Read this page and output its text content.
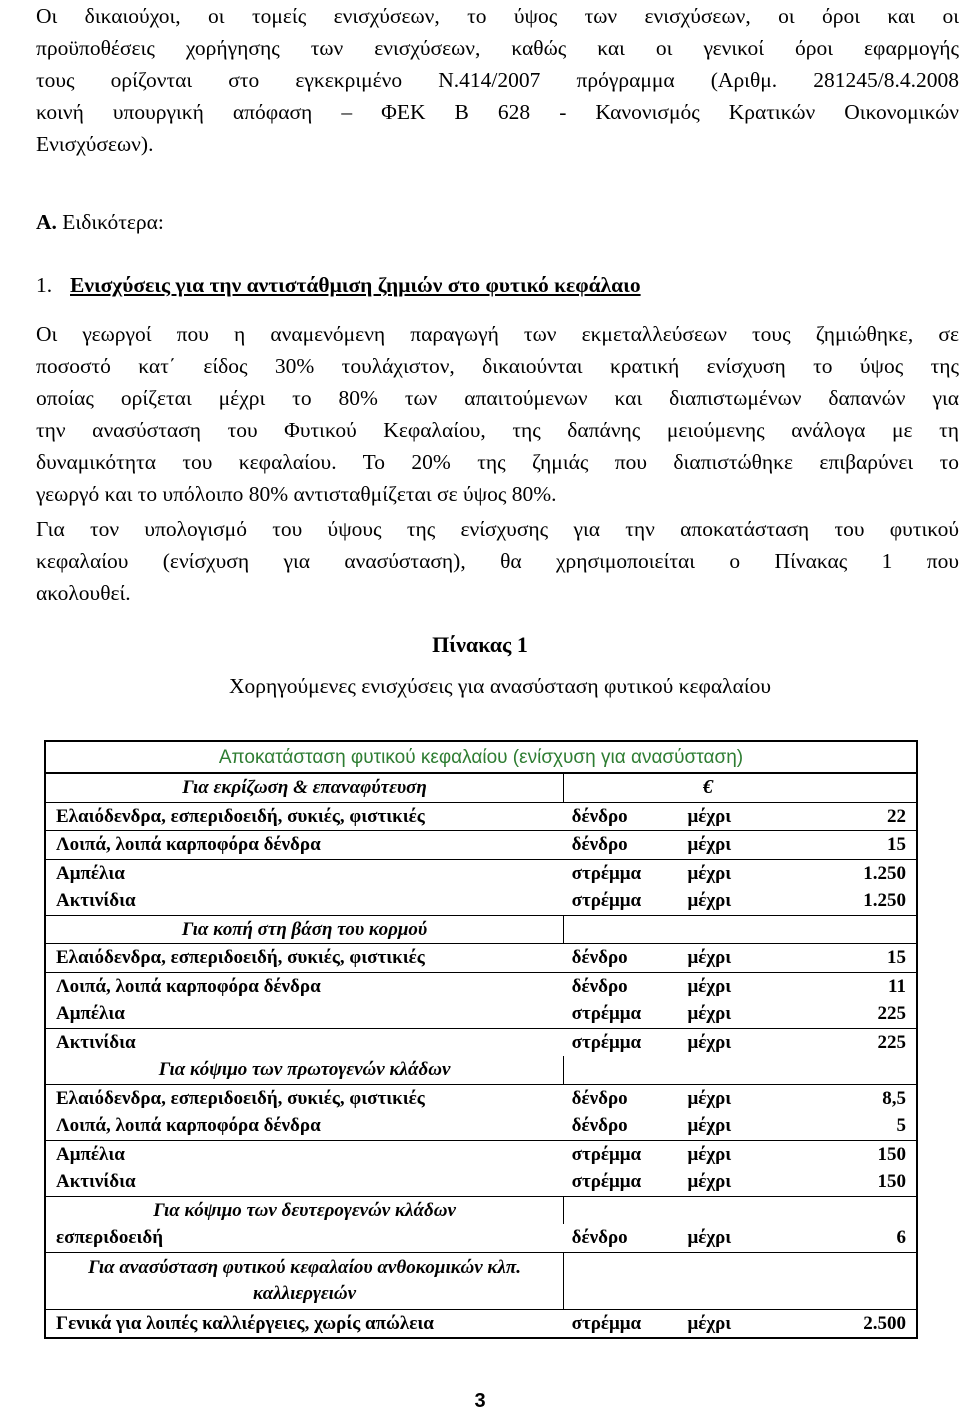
Οι δικαιούχοι, οι τομείς ενισχύσεων, το ύψος των ενισχύσεων, οι όροι και οι
προϋποθέσεις χορήγησης των ενισχύσεων, καθώς και οι γενικοί όροι εφαρμογής
τους ορίζονται στο εγκεκριμένο Ν.414/2007 πρόγραμμα (Αριθμ. 281245/8.4.2008
κοινή υπουργική απόφαση – ΦΕΚ Β 628 - Κανονισμός Κρατικών Οικονομικών
Ενισχύσεων).
Α. Ειδικότερα:
1. Ενισχύσεις για την αντιστάθμιση ζημιών στο φυτικό κεφάλαιο
Οι γεωργοί που η αναμενόμενη παραγωγή των εκμεταλλεύσεων τους ζημιώθηκε, σε
ποσοστό κατ΄ είδος 30% τουλάχιστον, δικαιούνται κρατική ενίσχυση το ύψος της
οποίας ορίζεται μέχρι το 80% των απαιτούμενων και διαπιστωμένων δαπανών για
την ανασύσταση του Φυτικού Κεφαλαίου, της δαπάνης μειούμενης ανάλογα με τη
δυναμικότητα του κεφαλαίου. Το 20% της ζημιάς που διαπιστώθηκε επιβαρύνει το
γεωργό και το υπόλοιπο 80% αντισταθμίζεται σε ύψος 80%.
Για τον υπολογισμό του ύψους της ενίσχυσης για την αποκατάσταση του φυτικού
κεφαλαίου (ενίσχυση για ανασύσταση), θα χρησιμοποιείται ο Πίνακας 1 που
ακολουθεί.
Πίνακας 1
Χορηγούμενες ενισχύσεις για ανασύσταση φυτικού κεφαλαίου
Αποκατάσταση φυτικού κεφαλαίου (ενίσχυση για ανασύσταση)			
Για εκρίζωση & επαναφύτευση	€		
Ελαιόδενδρα, εσπεριδοειδή, συκιές, φιστικιές	δένδρο	μέχρι	22
Λοιπά, λοιπά καρποφόρα δένδρα	δένδρο	μέχρι	15
Αμπέλια	στρέμμα	μέχρι	1.250
Ακτινίδια	στρέμμα	μέχρι	1.250
Για κοπή στη βάση του κορμού			
Ελαιόδενδρα, εσπεριδοειδή, συκιές, φιστικιές	δένδρο	μέχρι	15
Λοιπά, λοιπά καρποφόρα δένδρα	δένδρο	μέχρι	11
Αμπέλια	στρέμμα	μέχρι	225
Ακτινίδια	στρέμμα	μέχρι	225
Για κόψιμο των πρωτογενών κλάδων			
Ελαιόδενδρα, εσπεριδοειδή, συκιές, φιστικιές	δένδρο	μέχρι	8,5
Λοιπά, λοιπά καρποφόρα δένδρα	δένδρο	μέχρι	5
Αμπέλια	στρέμμα	μέχρι	150
Ακτινίδια	στρέμμα	μέχρι	150
Για κόψιμο των δευτερογενών κλάδων			
εσπεριδοειδή	δένδρο	μέχρι	6
Για ανασύσταση φυτικού κεφαλαίου ανθοκομικών κλπ. καλλιεργειών			
Γενικά για λοιπές καλλιέργειες, χωρίς απώλεια	στρέμμα	μέχρι	2.500
3
